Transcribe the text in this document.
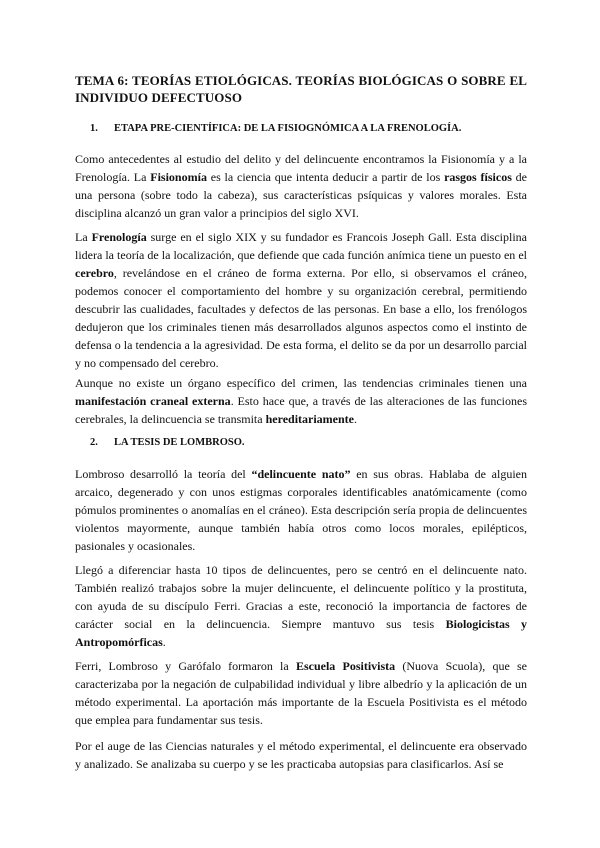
TEMA 6: TEORÍAS ETIOLÓGICAS. TEORÍAS BIOLÓGICAS O SOBRE EL INDIVIDUO DEFECTUOSO
1. ETAPA PRE-CIENTÍFICA: DE LA FISIOGNÓMICA A LA FRENOLOGÍA.

Como antecedentes al estudio del delito y del delincuente encontramos la Fisionomía y a la Frenología. La Fisionomía es la ciencia que intenta deducir a partir de los rasgos físicos de una persona (sobre todo la cabeza), sus características psíquicas y valores morales. Esta disciplina alcanzó un gran valor a principios del siglo XVI.

La Frenología surge en el siglo XIX y su fundador es Francois Joseph Gall. Esta disciplina lidera la teoría de la localización, que defiende que cada función anímica tiene un puesto en el cerebro, revelándose en el cráneo de forma externa. Por ello, si observamos el cráneo, podemos conocer el comportamiento del hombre y su organización cerebral, permitiendo descubrir las cualidades, facultades y defectos de las personas. En base a ello, los frenólogos dedujeron que los criminales tienen más desarrollados algunos aspectos como el instinto de defensa o la tendencia a la agresividad. De esta forma, el delito se da por un desarrollo parcial y no compensado del cerebro.

Aunque no existe un órgano específico del crimen, las tendencias criminales tienen una manifestación craneal externa. Esto hace que, a través de las alteraciones de las funciones cerebrales, la delincuencia se transmita hereditariamente.

2. LA TESIS DE LOMBROSO.

Lombroso desarrolló la teoría del “delincuente nato” en sus obras. Hablaba de alguien arcaico, degenerado y con unos estigmas corporales identificables anatómicamente (como pómulos prominentes o anomalías en el cráneo). Esta descripción sería propia de delincuentes violentos mayormente, aunque también había otros como locos morales, epilépticos, pasionales y ocasionales.

Llegó a diferenciar hasta 10 tipos de delincuentes, pero se centró en el delincuente nato. También realizó trabajos sobre la mujer delincuente, el delincuente político y la prostituta, con ayuda de su discípulo Ferri. Gracias a este, reconoció la importancia de factores de carácter social en la delincuencia. Siempre mantuvo sus tesis Biologicistas y Antropomórficas.

Ferri, Lombroso y Garófalo formaron la Escuela Positivista (Nuova Scuola), que se caracterizaba por la negación de culpabilidad individual y libre albedrío y la aplicación de un método experimental. La aportación más importante de la Escuela Positivista es el método que emplea para fundamentar sus tesis.

Por el auge de las Ciencias naturales y el método experimental, el delincuente era observado y analizado. Se analizaba su cuerpo y se les practicaba autopsias para clasificarlos. Así se
